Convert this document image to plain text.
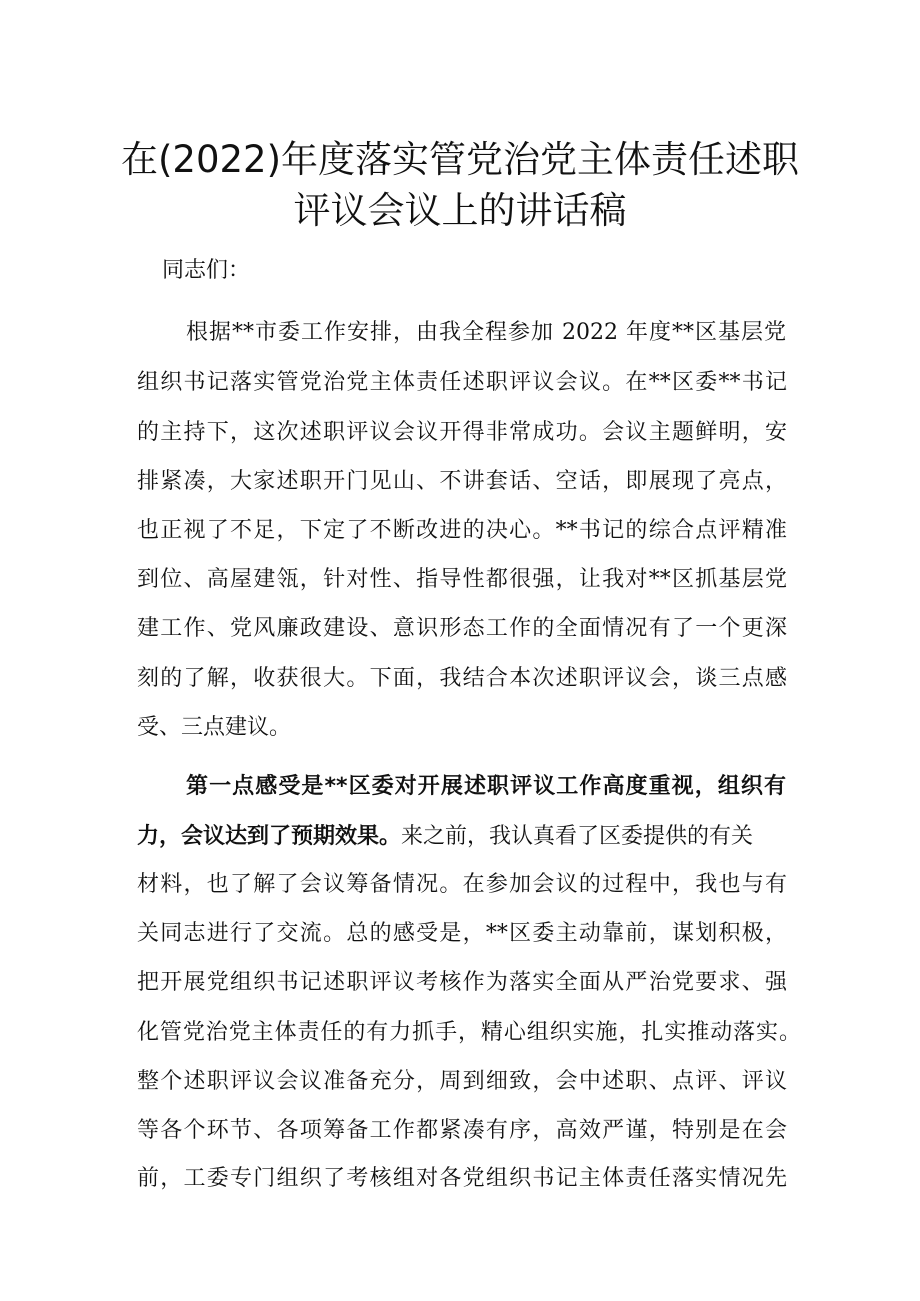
在(2022)年度落实管党治党主体责任述职
评议会议上的讲话稿
同志们：
根据**市委工作安排，由我全程参加 2022 年度**区基层党
组织书记落实管党治党主体责任述职评议会议。在**区委**书记
的主持下，这次述职评议会议开得非常成功。会议主题鲜明，安
排紧凑，大家述职开门见山、不讲套话、空话，即展现了亮点，
也正视了不足，下定了不断改进的决心。**书记的综合点评精准
到位、高屋建瓴，针对性、指导性都很强，让我对**区抓基层党
建工作、党风廉政建设、意识形态工作的全面情况有了一个更深
刻的了解，收获很大。下面，我结合本次述职评议会，谈三点感
受、三点建议。
第一点感受是**区委对开展述职评议工作高度重视，组织有
力，会议达到了预期效果。来之前，我认真看了区委提供的有关
材料，也了解了会议筹备情况。在参加会议的过程中，我也与有
关同志进行了交流。总的感受是，**区委主动靠前，谋划积极，
把开展党组织书记述职评议考核作为落实全面从严治党要求、强
化管党治党主体责任的有力抓手，精心组织实施，扎实推动落实。
整个述职评议会议准备充分，周到细致，会中述职、点评、评议
等各个环节、各项筹备工作都紧凑有序，高效严谨，特别是在会
前，工委专门组织了考核组对各党组织书记主体责任落实情况先
